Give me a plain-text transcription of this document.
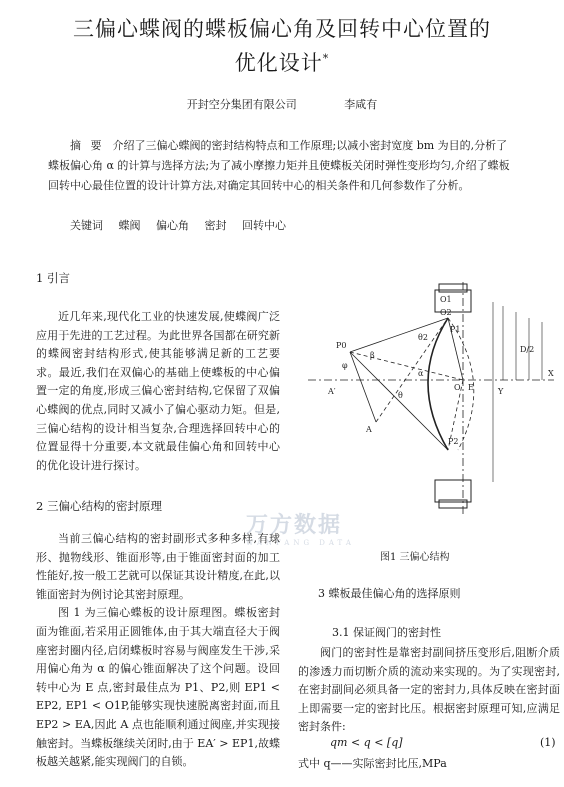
三偏心蝶阀的蝶板偏心角及回转中心位置的
优化设计*
开封空分集团有限公司	李咸有
摘 要 介绍了三偏心蝶阀的密封结构特点和工作原理;以减小密封宽度 bm 为目的,分析了蝶板偏心角 α 的计算与选择方法;为了减小摩擦力矩并且使蝶板关闭时弹性变形均匀,介绍了蝶板回转中心最佳位置的设计计算方法,对确定其回转中心的相关条件和几何参数作了分析。
关键词 蝶阀 偏心角 密封 回转中心
1 引言

近几年来,现代化工业的快速发展,使蝶阀广泛应用于先进的工艺过程。为此世界各国都在研究新的蝶阀密封结构形式,使其能够满足新的工艺要求。最近,我们在双偏心的基础上使蝶板的中心偏置一定的角度,形成三偏心密封结构,它保留了双偏心蝶阀的优点,同时又减小了偏心驱动力矩。但是,三偏心结构的设计相当复杂,合理选择回转中心的位置显得十分重要,本文就最佳偏心角和回转中心的优化设计进行探讨。

2 三偏心结构的密封原理

当前三偏心结构的密封副形式多种多样,有球形、抛物线形、锥面形等,由于锥面密封面的加工性能好,按一般工艺就可以保证其设计精度,在此,以锥面密封为例讨论其密封原理。

图 1 为三偏心蝶板的设计原理图。蝶板密封面为锥面,若采用正圆锥体,由于其大端直径大于阀座密封圈内径,启闭蝶板时容易与阀座发生干涉,采用偏心角为 α 的偏心锥面解决了这个问题。设回转中心为 E 点,密封最佳点为 P1、P2,则 EP1 < EP2, EP1 < O1P,能够实现快速脱离密封面,而且 EP2 > EA,因此 A 点也能顺利通过阀座,并实现接触密封。当蝶板继续关闭时,由于 EA′ > EP1,故蝶板越关越紧,能实现阀门的自锁。

O1
O2
P1
P2
P0
A
A′	E
X
Y
O
D/2
β
α
θ
φ
θ2
万方数据
WANFANG DATA
图1 三偏心结构
3 蝶板最佳偏心角的选择原则
3.1 保证阀门的密封性

阀门的密封性是靠密封副间挤压变形后,阻断介质的渗透力而切断介质的流动来实现的。为了实现密封,在密封副间必须具备一定的密封力,具体反映在密封面上即需要一定的密封比压。根据密封原理可知,应满足密封条件:

qm < q < [q]	(1)
式中 q——实际密封比压,MPa
